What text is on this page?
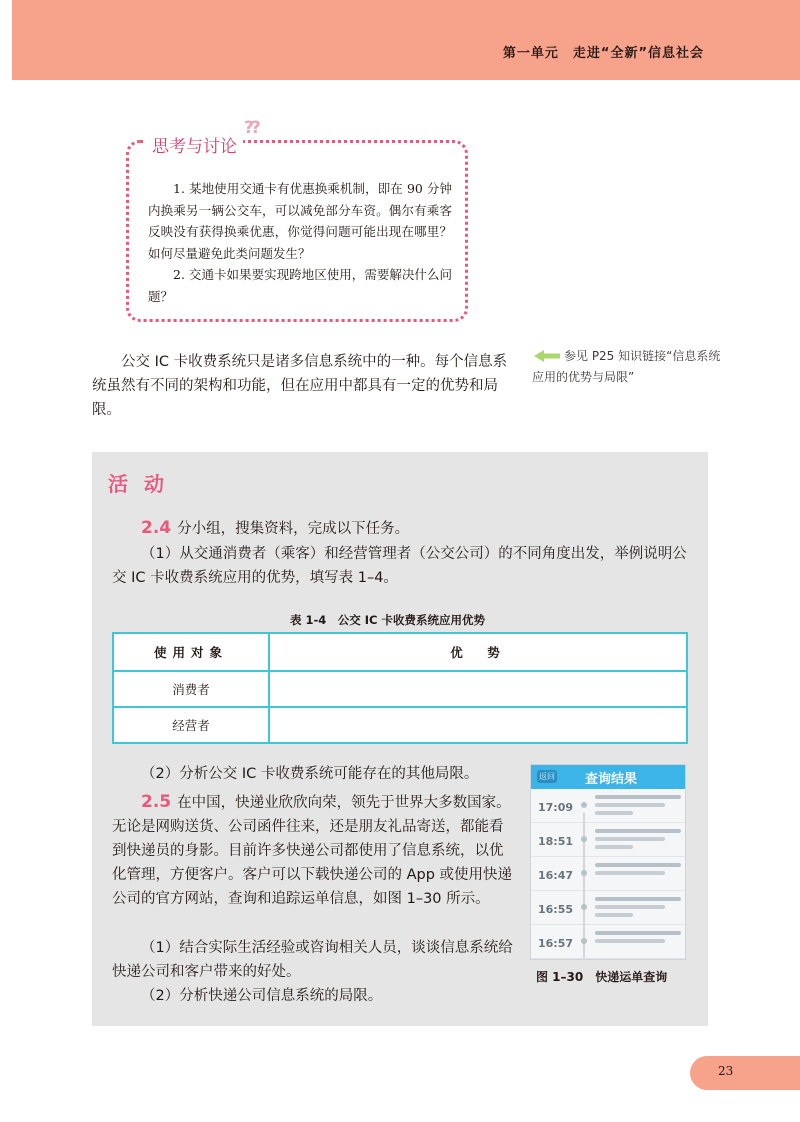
第一单元　走进“全新”信息社会
思考与讨论
??

1. 某地使用交通卡有优惠换乘机制，即在 90 分钟内换乘另一辆公交车，可以减免部分车资。偶尔有乘客反映没有获得换乘优惠，你觉得问题可能出现在哪里？如何尽量避免此类问题发生？

2. 交通卡如果要实现跨地区使用，需要解决什么问题？

公交 IC 卡收费系统只是诸多信息系统中的一种。每个信息系统虽然有不同的架构和功能，但在应用中都具有一定的优势和局限。

参见 P25 知识链接“信息系统应用的优势与局限”
活动
2.4 分小组，搜集资料，完成以下任务。
（1）从交通消费者（乘客）和经营管理者（公交公司）的不同角度出发，举例说明公交 IC 卡收费系统应用的优势，填写表 1–4。
表 1-4　公交 IC 卡收费系统应用优势
使用对象	优　势
消费者	
经营者	
（2）分析公交 IC 卡收费系统可能存在的其他局限。
2.5 在中国，快递业欣欣向荣，领先于世界大多数国家。无论是网购送货、公司函件往来，还是朋友礼品寄送，都能看到快递员的身影。目前许多快递公司都使用了信息系统，以优化管理，方便客户。客户可以下载快递公司的 App 或使用快递公司的官方网站，查询和追踪运单信息，如图 1–30 所示。
（1）结合实际生活经验或咨询相关人员，谈谈信息系统给快递公司和客户带来的好处。
（2）分析快递公司信息系统的局限。
返回 查询结果
17:09
18:51
16:47
16:55
16:57
图 1–30　快递运单查询
23
